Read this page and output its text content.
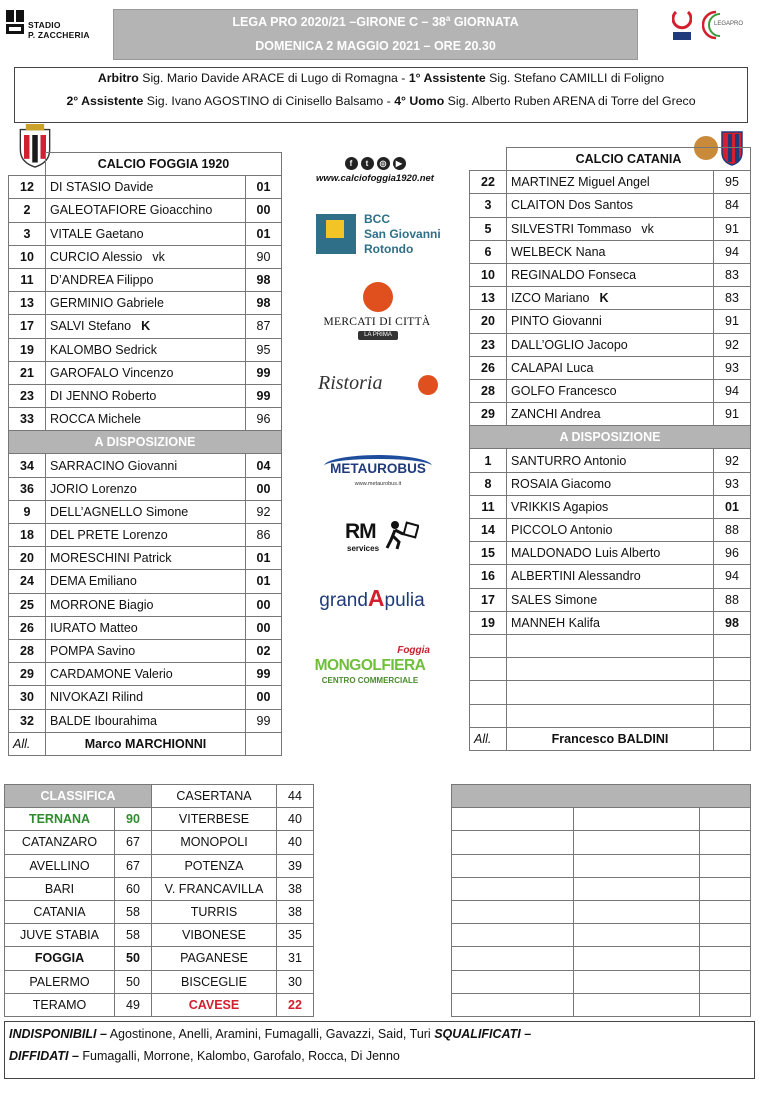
STADIO
P. ZACCHERIA
LEGA PRO 2020/21 –GIRONE C – 38$^a$ GIORNATA
DOMENICA 2 MAGGIO 2021 – ORE 20.30
LEGAPRO
Arbitro Sig. Mario Davide ARACE di Lugo di Romagna - 1° Assistente Sig. Stefano CAMILLI di Foligno
2° Assistente Sig. Ivano AGOSTINO di Cinisello Balsamo - 4° Uomo Sig. Alberto Ruben ARENA di Torre del Greco
	CALCIO FOGGIA 1920	
12	DI STASIO Davide	01
2	GALEOTAFIORE Gioacchino	00
3	VITALE Gaetano	01
10	CURCIO Alessio vk	90
11	D’ANDREA Filippo	98
13	GERMINIO Gabriele	98
17	SALVI Stefano K	87
19	KALOMBO Sedrick	95
21	GAROFALO Vincenzo	99
23	DI JENNO Roberto	99
33	ROCCA Michele	96
A DISPOSIZIONE		
34	SARRACINO Giovanni	04
36	JORIO Lorenzo	00
9	DELL’AGNELLO Simone	92
18	DEL PRETE Lorenzo	86
20	MORESCHINI Patrick	01
24	DEMA Emiliano	01
25	MORRONE Biagio	00
26	IURATO Matteo	00
28	POMPA Savino	02
29	CARDAMONE Valerio	99
30	NIVOKAZI Rilind	00
32	BALDE Ibourahima	99
All.	Marco MARCHIONNI	
	CALCIO CATANIA	
22	MARTINEZ Miguel Angel	95
3	CLAITON Dos Santos	84
5	SILVESTRI Tommaso vk	91
6	WELBECK Nana	94
10	REGINALDO Fonseca	83
13	IZCO Mariano K	83
20	PINTO Giovanni	91
23	DALL’OGLIO Jacopo	92
26	CALAPAI Luca	93
28	GOLFO Francesco	94
29	ZANCHI Andrea	91
A DISPOSIZIONE		
1	SANTURRO Antonio	92
8	ROSAIA Giacomo	93
11	VRIKKIS Agapios	01
14	PICCOLO Antonio	88
15	MALDONADO Luis Alberto	96
16	ALBERTINI Alessandro	94
17	SALES Simone	88
19	MANNEH Kalifa	98

All.	Francesco BALDINI	
f	t	◎	▶
www.calciofoggia1920.net
BCC
San Giovanni
Rotondo
MERCATI DI CITTÀ
LA PRIMA
Ristoria
METAUROBUS
www.metaurobus.it
RM
services
grandApulia
Foggia
MONGOLFIERA
CENTRO COMMERCIALE
CLASSIFICA		CASERTANA	44
TERNANA	90	VITERBESE	40
CATANZARO	67	MONOPOLI	40
AVELLINO	67	POTENZA	39
BARI	60	V. FRANCAVILLA	38
CATANIA	58	TURRIS	38
JUVE STABIA	58	VIBONESE	35
FOGGIA	50	PAGANESE	31
PALERMO	50	BISCEGLIE	30
TERAMO	49	CAVESE	22

INDISPONIBILI – Agostinone, Anelli, Aramini, Fumagalli, Gavazzi, Said, Turi SQUALIFICATI –
DIFFIDATI – Fumagalli, Morrone, Kalombo, Garofalo, Rocca, Di Jenno
